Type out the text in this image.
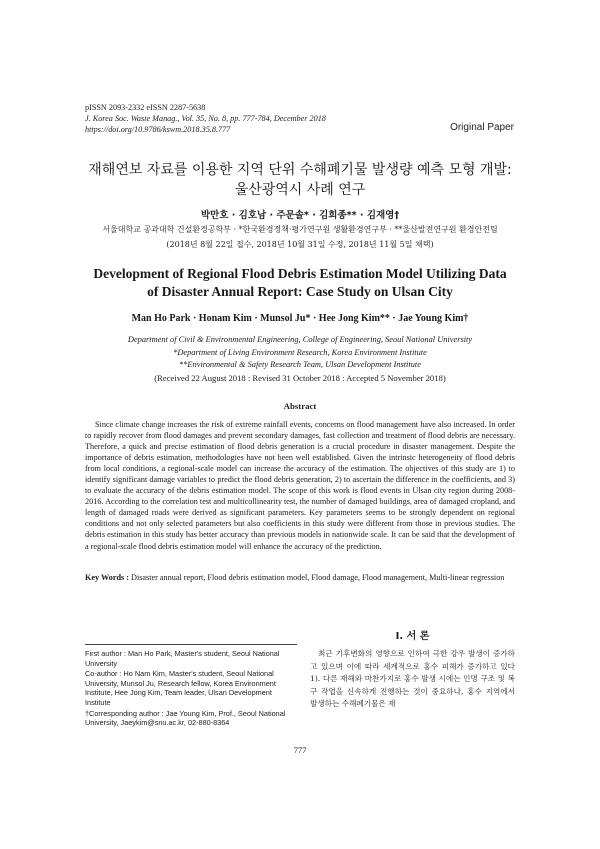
pISSN 2093-2332 eISSN 2287-5638
J. Korea Soc. Waste Manag., Vol. 35, No. 8, pp. 777-784, December 2018
https://doi.org/10.9786/kswm.2018.35.8.777	Original Paper
재해연보 자료를 이용한 지역 단위 수해폐기물 발생량 예측 모형 개발:
울산광역시 사례 연구
박만호 · 김호남 · 주문솔* · 김희종** · 김재영†
서울대학교 공과대학 건설환경공학부 · *한국환경정책·평가연구원 생활환경연구부 · **울산발전연구원 환경안전팀
(2018년 8월 22일 접수, 2018년 10월 31일 수정, 2018년 11월 5일 채택)
Development of Regional Flood Debris Estimation Model Utilizing Data
of Disaster Annual Report: Case Study on Ulsan City
Man Ho Park · Honam Kim · Munsol Ju* · Hee Jong Kim** · Jae Young Kim†
Department of Civil & Environmental Engineering, College of Engineering, Seoul National University
*Department of Living Environment Research, Korea Environment Institute
**Environmental & Safety Research Team, Ulsan Development Institute
(Received 22 August 2018 : Revised 31 October 2018 : Accepted 5 November 2018)
Abstract
Since climate change increases the risk of extreme rainfall events, concerns on flood management have also increased. In order to rapidly recover from flood damages and prevent secondary damages, fast collection and treatment of flood debris are necessary. Therefore, a quick and precise estimation of flood debris generation is a crucial procedure in disaster management. Despite the importance of debris estimation, methodologies have not been well established. Given the intrinsic heterogeneity of flood debris from local conditions, a regional-scale model can increase the accuracy of the estimation. The objectives of this study are 1) to identify significant damage variables to predict the flood debris generation, 2) to ascertain the difference in the coefficients, and 3) to evaluate the accuracy of the debris estimation model. The scope of this work is flood events in Ulsan city region during 2008-2016. According to the correlation test and multicollinearity test, the number of damaged buildings, area of damaged cropland, and length of damaged roads were derived as significant parameters. Key parameters seems to be strongly dependent on regional conditions and not only selected parameters but also coefficients in this study were different from those in previous studies. The debris estimation in this study has better accuracy than previous models in nationwide scale. It can be said that the development of a regional-scale flood debris estimation model will enhance the accuracy of the prediction.
Key Words : Disaster annual report, Flood debris estimation model, Flood damage, Flood management, Multi-linear regression

First author : Man Ho Park, Master's student, Seoul National University

Co-author : Ho Nam Kim, Master's student, Seoul National University, Munsol Ju, Research fellow, Korea Environment Institute, Hee Jong Kim, Team leader, Ulsan Development Institute

†Corresponding author : Jae Young Kim, Prof., Seoul National University, Jaeykim@snu.ac.kr, 02-880-8364

I. 서 론
최근 기후변화의 영향으로 인하여 극한 강우 발생이 증가하고 있으며 이에 따라 세계적으로 홍수 피해가 증가하고 있다1). 다른 재해와 마찬가지로 홍수 발생 시에는 인명 구조 및 복구 작업을 신속하게 진행하는 것이 중요하나, 홍수 지역에서 발생하는 수해폐기물은 재
777
